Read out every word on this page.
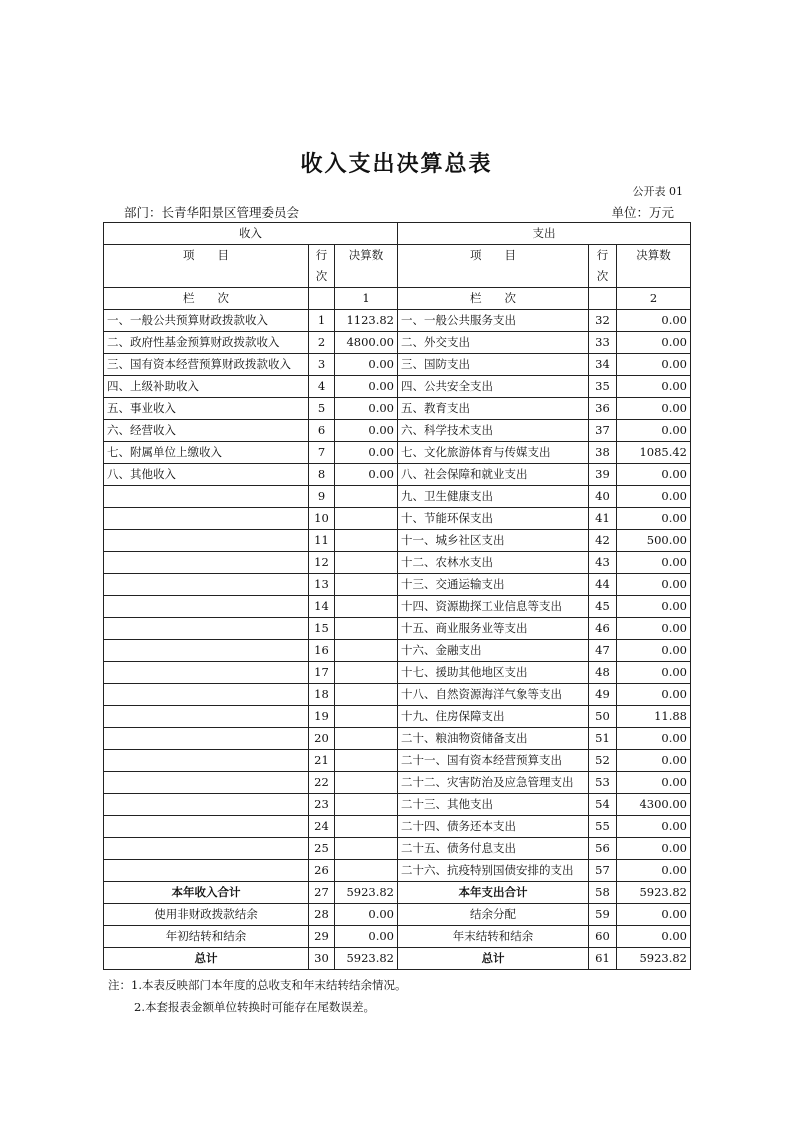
收入支出决算总表
公开表 01
部门：长青华阳景区管理委员会	单位：万元
收入			支出		
项　　目	行次	决算数	项　　目	行次	决算数
栏　　次		1	栏　　次		2
一、一般公共预算财政拨款收入	1	1123.82	一、一般公共服务支出	32	0.00
二、政府性基金预算财政拨款收入	2	4800.00	二、外交支出	33	0.00
三、国有资本经营预算财政拨款收入	3	0.00	三、国防支出	34	0.00
四、上级补助收入	4	0.00	四、公共安全支出	35	0.00
五、事业收入	5	0.00	五、教育支出	36	0.00
六、经营收入	6	0.00	六、科学技术支出	37	0.00
七、附属单位上缴收入	7	0.00	七、文化旅游体育与传媒支出	38	1085.42
八、其他收入	8	0.00	八、社会保障和就业支出	39	0.00
	9		九、卫生健康支出	40	0.00
	10		十、节能环保支出	41	0.00
	11		十一、城乡社区支出	42	500.00
	12		十二、农林水支出	43	0.00
	13		十三、交通运输支出	44	0.00
	14		十四、资源勘探工业信息等支出	45	0.00
	15		十五、商业服务业等支出	46	0.00
	16		十六、金融支出	47	0.00
	17		十七、援助其他地区支出	48	0.00
	18		十八、自然资源海洋气象等支出	49	0.00
	19		十九、住房保障支出	50	11.88
	20		二十、粮油物资储备支出	51	0.00
	21		二十一、国有资本经营预算支出	52	0.00
	22		二十二、灾害防治及应急管理支出	53	0.00
	23		二十三、其他支出	54	4300.00
	24		二十四、债务还本支出	55	0.00
	25		二十五、债务付息支出	56	0.00
	26		二十六、抗疫特别国债安排的支出	57	0.00
本年收入合计	27	5923.82	本年支出合计	58	5923.82
使用非财政拨款结余	28	0.00	结余分配	59	0.00
年初结转和结余	29	0.00	年末结转和结余	60	0.00
总计	30	5923.82	总计	61	5923.82
注：1.本表反映部门本年度的总收支和年末结转结余情况。
2.本套报表金额单位转换时可能存在尾数误差。
